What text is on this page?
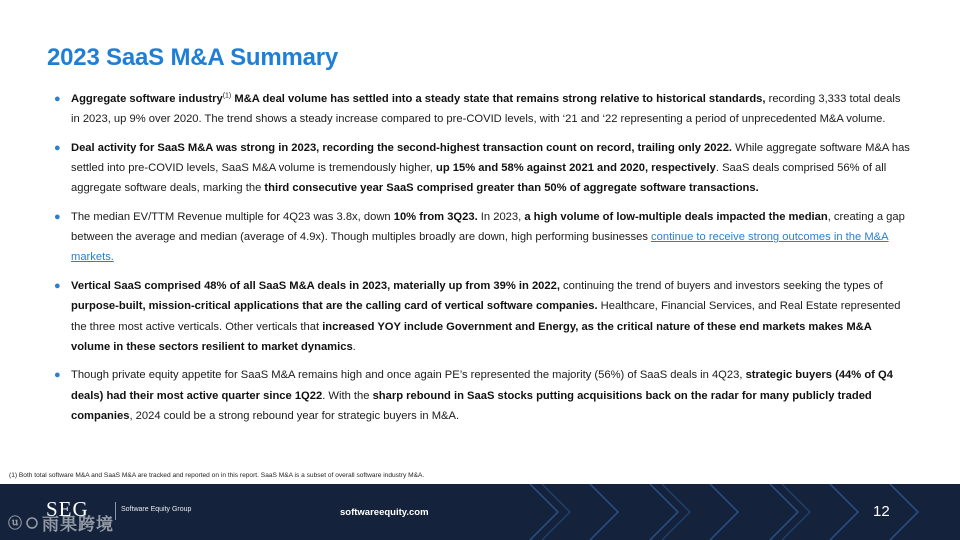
2023 SaaS M&A Summary
● Aggregate software industry$^{(1)}$ M&A deal volume has settled into a steady state that remains strong relative to historical standards, recording 3,333 total deals in 2023, up 9% over 2020. The trend shows a steady increase compared to pre-COVID levels, with ‘21 and ‘22 representing a period of unprecedented M&A volume.
● Deal activity for SaaS M&A was strong in 2023, recording the second-highest transaction count on record, trailing only 2022. While aggregate software M&A has settled into pre-COVID levels, SaaS M&A volume is tremendously higher, up 15% and 58% against 2021 and 2020, respectively. SaaS deals comprised 56% of all aggregate software deals, marking the third consecutive year SaaS comprised greater than 50% of aggregate software transactions.
● The median EV/TTM Revenue multiple for 4Q23 was 3.8x, down 10% from 3Q23. In 2023, a high volume of low-multiple deals impacted the median, creating a gap between the average and median (average of 4.9x). Though multiples broadly are down, high performing businesses continue to receive strong outcomes in the M&A markets.
● Vertical SaaS comprised 48% of all SaaS M&A deals in 2023, materially up from 39% in 2022, continuing the trend of buyers and investors seeking the types of purpose-built, mission-critical applications that are the calling card of vertical software companies. Healthcare, Financial Services, and Real Estate represented the three most active verticals. Other verticals that increased YOY include Government and Energy, as the critical nature of these end markets makes M&A volume in these sectors resilient to market dynamics.
● Though private equity appetite for SaaS M&A remains high and once again PE’s represented the majority (56%) of SaaS deals in 4Q23, strategic buyers (44% of Q4 deals) had their most active quarter since 1Q22. With the sharp rebound in SaaS stocks putting acquisitions back on the radar for many publicly traded companies, 2024 could be a strong rebound year for strategic buyers in M&A.
(1) Both total software M&A and SaaS M&A are tracked and reported on in this report. SaaS M&A is a subset of overall software industry M&A.
SEG	Software Equity Group
ⓤ 雨果跨境
softwareequity.com	12
